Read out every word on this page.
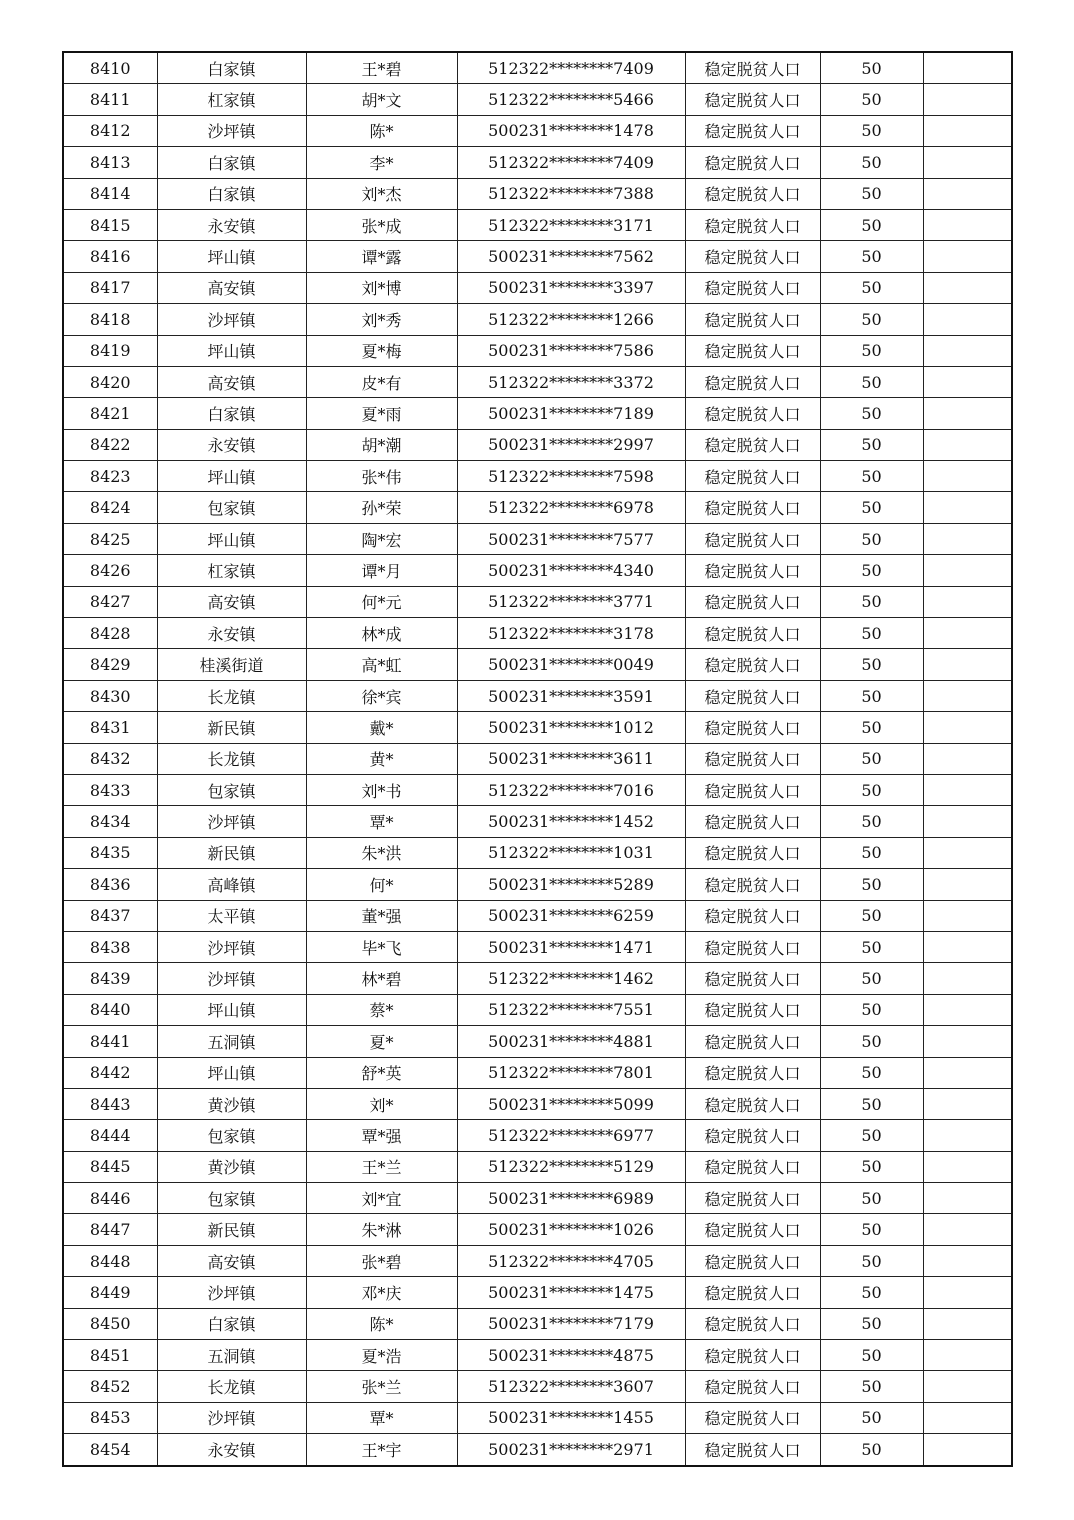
8410	白家镇	王*碧	512322********7409	稳定脱贫人口	50	
8411	杠家镇	胡*文	512322********5466	稳定脱贫人口	50	
8412	沙坪镇	陈*	500231********1478	稳定脱贫人口	50	
8413	白家镇	李*	512322********7409	稳定脱贫人口	50	
8414	白家镇	刘*杰	512322********7388	稳定脱贫人口	50	
8415	永安镇	张*成	512322********3171	稳定脱贫人口	50	
8416	坪山镇	谭*露	500231********7562	稳定脱贫人口	50	
8417	高安镇	刘*博	500231********3397	稳定脱贫人口	50	
8418	沙坪镇	刘*秀	512322********1266	稳定脱贫人口	50	
8419	坪山镇	夏*梅	500231********7586	稳定脱贫人口	50	
8420	高安镇	皮*有	512322********3372	稳定脱贫人口	50	
8421	白家镇	夏*雨	500231********7189	稳定脱贫人口	50	
8422	永安镇	胡*潮	500231********2997	稳定脱贫人口	50	
8423	坪山镇	张*伟	512322********7598	稳定脱贫人口	50	
8424	包家镇	孙*荣	512322********6978	稳定脱贫人口	50	
8425	坪山镇	陶*宏	500231********7577	稳定脱贫人口	50	
8426	杠家镇	谭*月	500231********4340	稳定脱贫人口	50	
8427	高安镇	何*元	512322********3771	稳定脱贫人口	50	
8428	永安镇	林*成	512322********3178	稳定脱贫人口	50	
8429	桂溪街道	高*虹	500231********0049	稳定脱贫人口	50	
8430	长龙镇	徐*宾	500231********3591	稳定脱贫人口	50	
8431	新民镇	戴*	500231********1012	稳定脱贫人口	50	
8432	长龙镇	黄*	500231********3611	稳定脱贫人口	50	
8433	包家镇	刘*书	512322********7016	稳定脱贫人口	50	
8434	沙坪镇	覃*	500231********1452	稳定脱贫人口	50	
8435	新民镇	朱*洪	512322********1031	稳定脱贫人口	50	
8436	高峰镇	何*	500231********5289	稳定脱贫人口	50	
8437	太平镇	董*强	500231********6259	稳定脱贫人口	50	
8438	沙坪镇	毕*飞	500231********1471	稳定脱贫人口	50	
8439	沙坪镇	林*碧	512322********1462	稳定脱贫人口	50	
8440	坪山镇	蔡*	512322********7551	稳定脱贫人口	50	
8441	五洞镇	夏*	500231********4881	稳定脱贫人口	50	
8442	坪山镇	舒*英	512322********7801	稳定脱贫人口	50	
8443	黄沙镇	刘*	500231********5099	稳定脱贫人口	50	
8444	包家镇	覃*强	512322********6977	稳定脱贫人口	50	
8445	黄沙镇	王*兰	512322********5129	稳定脱贫人口	50	
8446	包家镇	刘*宜	500231********6989	稳定脱贫人口	50	
8447	新民镇	朱*淋	500231********1026	稳定脱贫人口	50	
8448	高安镇	张*碧	512322********4705	稳定脱贫人口	50	
8449	沙坪镇	邓*庆	500231********1475	稳定脱贫人口	50	
8450	白家镇	陈*	500231********7179	稳定脱贫人口	50	
8451	五洞镇	夏*浩	500231********4875	稳定脱贫人口	50	
8452	长龙镇	张*兰	512322********3607	稳定脱贫人口	50	
8453	沙坪镇	覃*	500231********1455	稳定脱贫人口	50	
8454	永安镇	王*宇	500231********2971	稳定脱贫人口	50	
